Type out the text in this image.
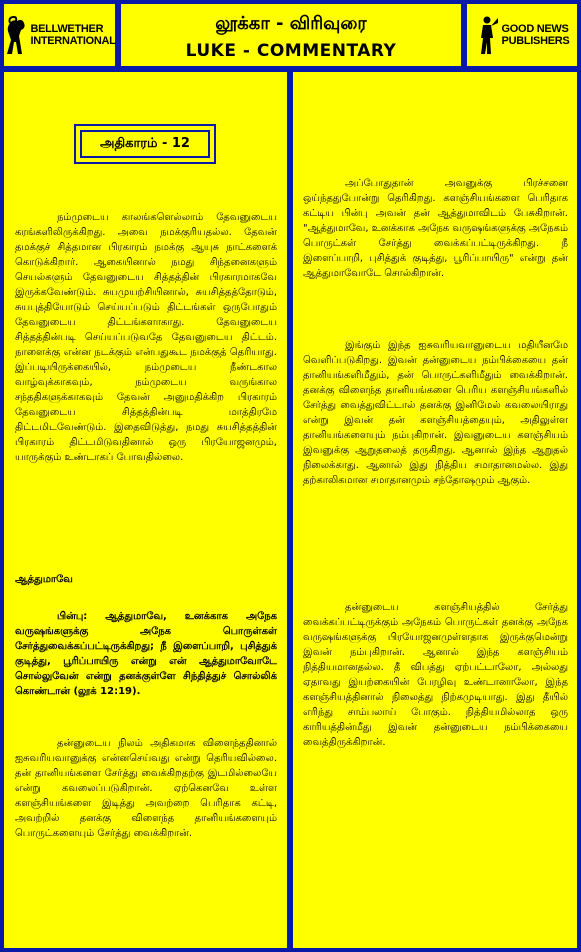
BELLWETHER
INTERNATIONAL
லூக்கா - விரிவுரை
LUKE - COMMENTARY
GOOD NEWS
PUBLISHERS
அதிகாரம் - 12

நம்முடைய காலங்களெல்லாம் தேவனுடைய கரங்களிலிருக்கிறது. அவை நமக்குரியதல்ல. தேவன் தமக்குச் சித்தமான பிரகாரம் நமக்கு ஆயுசு நாட்களைக் கொடுக்கிறார். ஆகையினால் நமது சிந்தனைகளும் செயல்களும் தேவனுடைய சித்தத்தின் பிரகாரமாகவே இருக்கவேண்டும். சுயமுயற்சியினால், சுயசித்தத்தோடும், சுயபுத்தியோடும் செய்யப்படும் திட்டங்கள் ஒருபோதும் தேவனுடைய திட்டங்களாகாது. தேவனுடைய சித்தத்தின்படி செய்யப்படுவதே தேவனுடைய திட்டம். நாளைக்கு என்ன நடக்கும் என்பதுகூட நமக்குத் தெரியாது. இப்படியிருக்கையில், நம்முடைய நீண்டகால வாழ்வுக்காகவும், நம்முடைய வருங்கால சந்ததிகளுக்காகவும் தேவன் அனுமதிக்கிற பிரகாரம் தேவனுடைய சித்தத்தின்படி மாத்திரமே திட்டமிடவேண்டும். இதைவிடுத்து, நமது சுயசித்தத்தின் பிரகாரம் திட்டமிடுவதினால் ஒரு பிரயோஜனமும், யாருக்கும் உண்டாகப் போவதில்லை.

ஆத்துமாவே

பின்பு: ஆத்துமாவே, உனக்காக அநேக வருஷங்களுக்கு அநேக பொருள்கள் சேர்த்துவைக்கப்பட்டிருக்கிறது; நீ இளைப்பாறி, புசித்துக் குடித்து, பூரிப்பாயிரு என்று என் ஆத்துமாவோடே சொல்லுவேன் என்று தனக்குள்ளே சிந்தித்துச் சொல்லிக் கொண்டான் (லூக் 12:19).

தன்னுடைய நிலம் அதிகமாக விளைந்ததினால் ஐசுவரியவானுக்கு என்னசெய்வது என்று தெரியவில்லை. தன் தானியங்களை சேர்த்து வைக்கிறதற்கு இடமில்லையே என்று கவலைப்படுகிறான். ஏற்கெனவே உள்ள களஞ்சியங்களை இடித்து அவற்றை பெரிதாக கட்டி, அவற்றில் தனக்கு விளைந்த தானியங்களையும் பொருட்களையும் சேர்த்து வைக்கிறான்.

அப்போதுதான் அவனுக்கு பிரச்சனை ஒய்ந்ததுபோன்று தெரிகிறது. களஞ்சியங்களை பெரிதாக கட்டிய பின்பு அவன் தன் ஆத்துமாவிடம் பேசுகிறான். "ஆத்துமாவே, உனக்காக அநேக வருஷங்களுக்கு அநேகம் பொருட்கள் சேர்த்து வைக்கப்பட்டிருக்கிறது. நீ இளைப்பாறி, புசித்துக் குடித்து, பூரிப்பாயிரு" என்று தன் ஆத்துமாவோடே சொல்கிறான்.

இங்கும் இந்த ஐசுவரியவானுடைய மதியீனமே வெளிப்படுகிறது. இவன் தன்னுடைய நம்பிக்கையை தன் தானியங்களிமீதும், தன் பொருட்களிமீதும் வைக்கிறான். தனக்கு விளைந்த தானியங்களை பெரிய களஞ்சியங்களில் சேர்த்து வைத்துவிட்டால் தனக்கு இனிமேல் கவலையிராது என்று இவன் தன் களஞ்சியத்தையும், அதிலுள்ள தானியங்களையும் நம்புகிறான். இவனுடைய களஞ்சியம் இவனுக்கு ஆறுதலைத் தருகிறது. ஆனால் இந்த ஆறுதல் நிலைக்காது. ஆனால் இது நித்திய சமாதானமல்ல. இது தற்காலிகமான சமாதானமும் சந்தோஷமும் ஆகும்.

தன்னுடைய களஞ்சியத்தில் சேர்த்து வைக்கப்பட்டிருக்கும் அநேகம் பொருட்கள் தனக்கு அநேக வருஷங்களுக்கு பிரயோஜனமுள்ளதாக இருக்குமென்று இவன் நம்புகிறான். ஆனால் இந்த களஞ்சியம் நித்தியமானதல்ல. தீ விபத்து ஏற்பட்டாலோ, அல்லது ஏதாவது இயற்கையின் பேரழிவு உண்டானாலோ, இந்த களஞ்சியத்தினால் நிலைத்து நிற்கமுடியாது. இது தீயில் எரிந்து சாம்பலாய் போகும். நித்தியமில்லாத ஒரு காரியத்தின்மீது இவன் தன்னுடைய நம்பிக்கையை வைத்திருக்கிறான்.
